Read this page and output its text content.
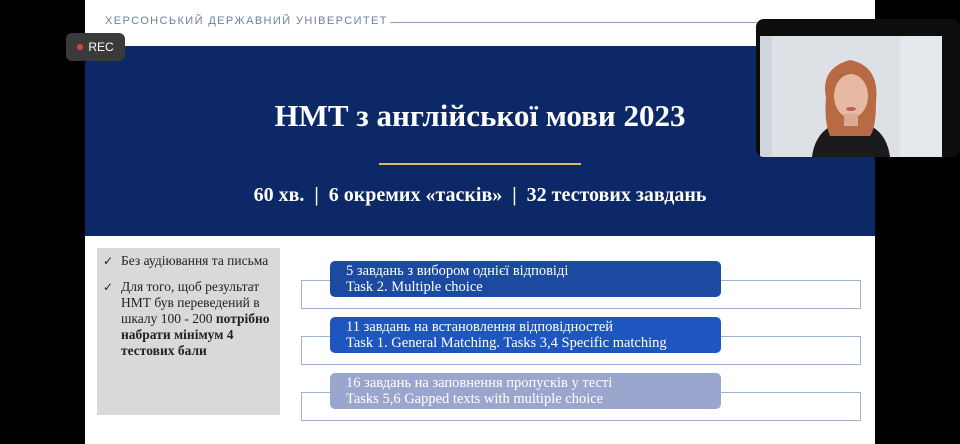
ХЕРСОНСЬКИЙ ДЕРЖАВНИЙ УНІВЕРСИТЕТ
НМТ з англійської мови 2023
60 хв.  |  6 окремих «тасків»  |  32 тестових завдань
✓ Без аудіювання та письма
✓ Для того, щоб результат НМТ був переведений в шкалу 100 - 200 потрібно набрати мінімум 4 тестових бали
5 завдань з вибором однієї відповіді
Task 2. Multiple choice
11 завдань на встановлення відповідностей
Task 1. General Matching. Tasks 3,4 Specific matching
16 завдань на заповнення пропусків у тесті
Tasks 5,6 Gapped texts with multiple choice
REC
